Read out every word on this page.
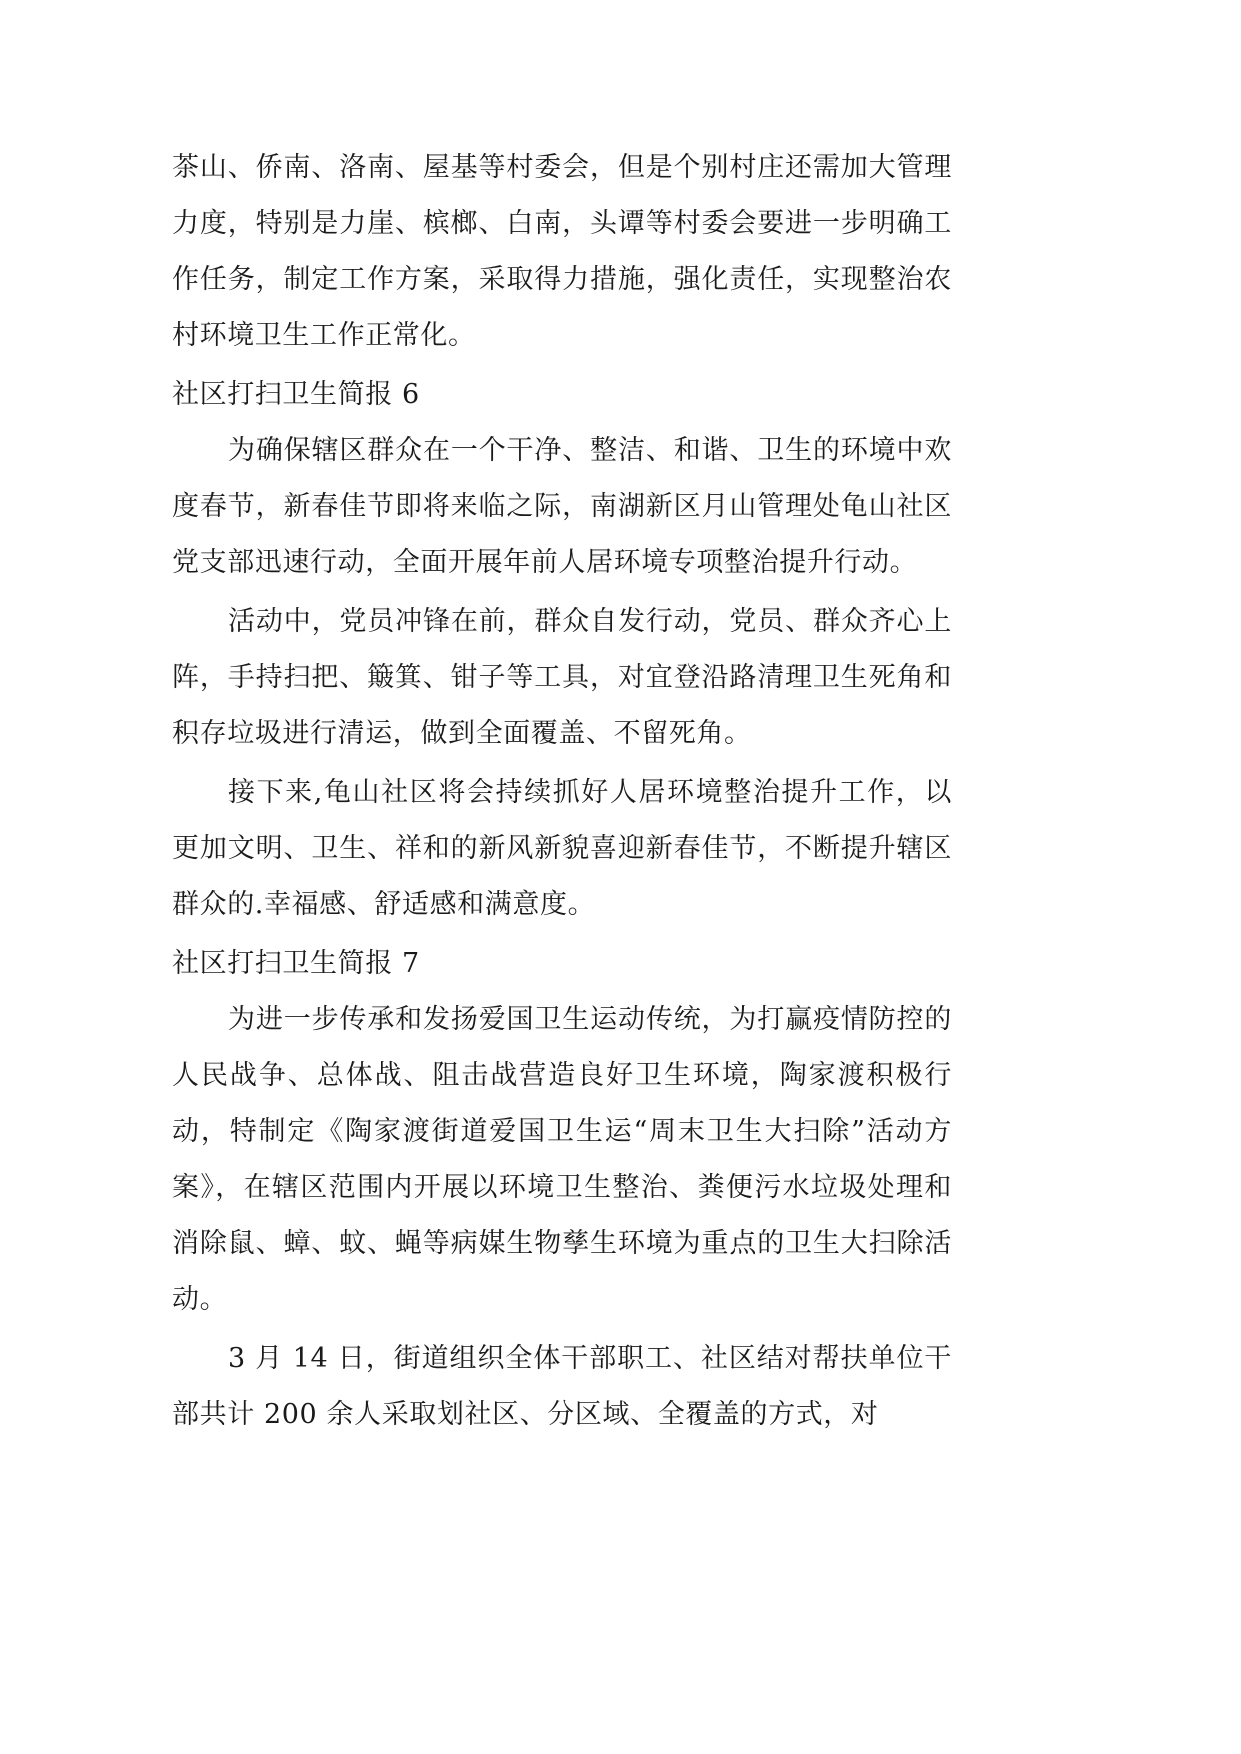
茶山、侨南、洛南、屋基等村委会，但是个别村庄还需加大管理力度，特别是力崖、槟榔、白南，头谭等村委会要进一步明确工作任务，制定工作方案，采取得力措施，强化责任，实现整治农村环境卫生工作正常化。

社区打扫卫生简报 6

为确保辖区群众在一个干净、整洁、和谐、卫生的环境中欢度春节，新春佳节即将来临之际，南湖新区月山管理处龟山社区党支部迅速行动，全面开展年前人居环境专项整治提升行动。

活动中，党员冲锋在前，群众自发行动，党员、群众齐心上阵，手持扫把、簸箕、钳子等工具，对宜登沿路清理卫生死角和积存垃圾进行清运，做到全面覆盖、不留死角。

接下来,龟山社区将会持续抓好人居环境整治提升工作，以更加文明、卫生、祥和的新风新貌喜迎新春佳节，不断提升辖区群众的.幸福感、舒适感和满意度。

社区打扫卫生简报 7

为进一步传承和发扬爱国卫生运动传统，为打赢疫情防控的人民战争、总体战、阻击战营造良好卫生环境，陶家渡积极行动，特制定《陶家渡街道爱国卫生运“周末卫生大扫除”活动方案》，在辖区范围内开展以环境卫生整治、粪便污水垃圾处理和消除鼠、蟑、蚊、蝇等病媒生物孳生环境为重点的卫生大扫除活动。

3 月 14 日，街道组织全体干部职工、社区结对帮扶单位干部共计 200 余人采取划社区、分区域、全覆盖的方式，对
